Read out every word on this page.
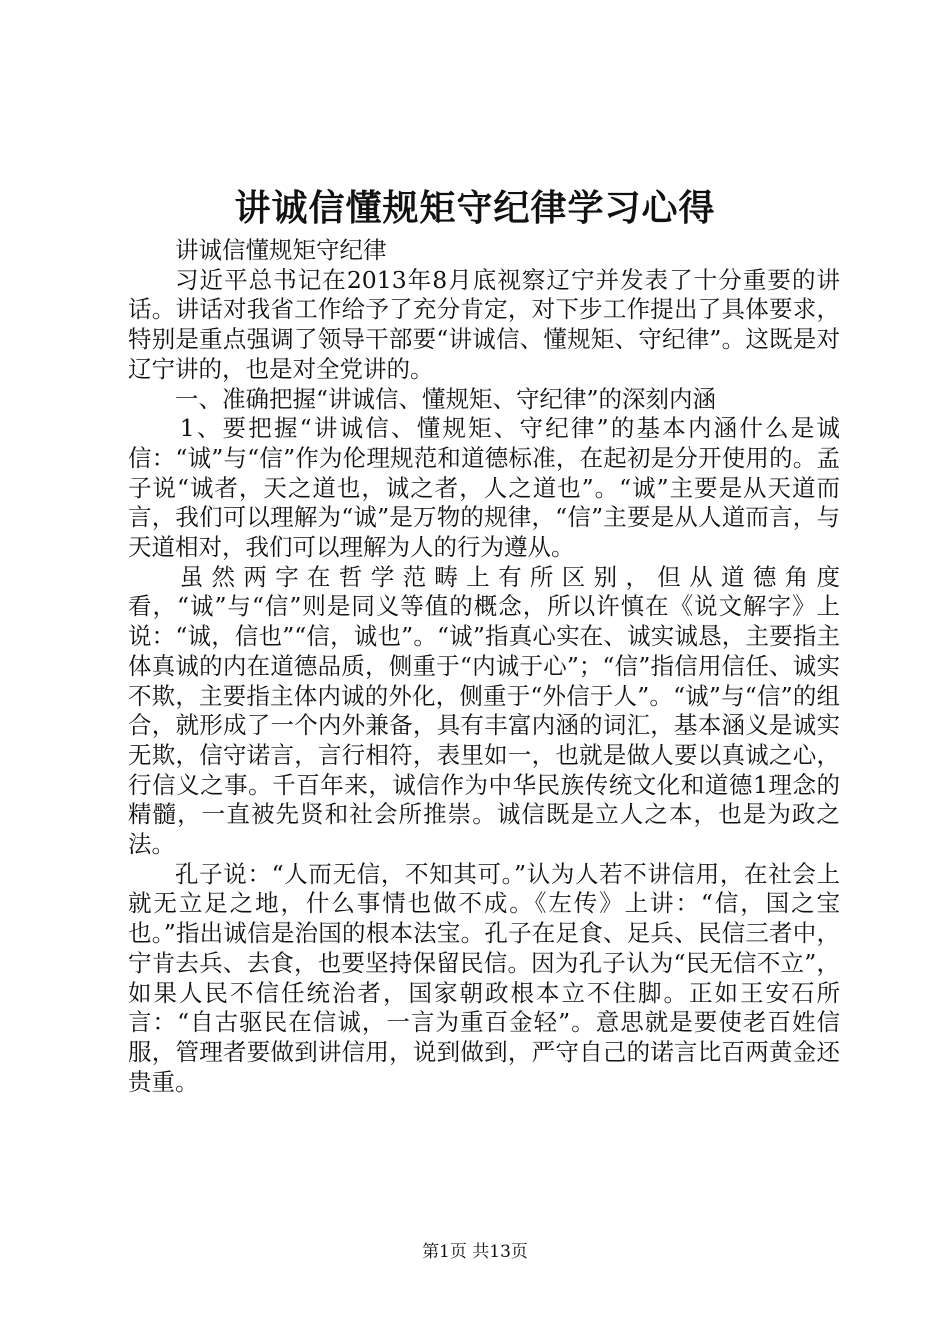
讲诚信懂规矩守纪律学习心得

讲诚信懂规矩守纪律

习近平总书记在2013年8月底视察辽宁并发表了十分重要的讲话。讲话对我省工作给予了充分肯定，对下步工作提出了具体要求，特别是重点强调了领导干部要“讲诚信、懂规矩、守纪律”。这既是对辽宁讲的，也是对全党讲的。

一、准确把握“讲诚信、懂规矩、守纪律”的深刻内涵

1、要把握“讲诚信、懂规矩、守纪律”的基本内涵什么是诚信：“诚”与“信”作为伦理规范和道德标准，在起初是分开使用的。孟子说“诚者，天之道也，诚之者，人之道也”。“诚”主要是从天道而言，我们可以理解为“诚”是万物的规律，“信”主要是从人道而言，与天道相对，我们可以理解为人的行为遵从。

虽然两字在哲学范畴上有所区别，但从道德角度看，“诚”与“信”则是同义等值的概念，所以许慎在《说文解字》上说：“诚，信也”“信，诚也”。“诚”指真心实在、诚实诚恳，主要指主体真诚的内在道德品质，侧重于“内诚于心”；“信”指信用信任、诚实不欺，主要指主体内诚的外化，侧重于“外信于人”。“诚”与“信”的组合，就形成了一个内外兼备，具有丰富内涵的词汇，基本涵义是诚实无欺，信守诺言，言行相符，表里如一，也就是做人要以真诚之心，行信义之事。千百年来，诚信作为中华民族传统文化和道德1理念的精髓，一直被先贤和社会所推崇。诚信既是立人之本，也是为政之法。

孔子说：“人而无信，不知其可。”认为人若不讲信用，在社会上就无立足之地，什么事情也做不成。《左传》上讲：“信，国之宝也。”指出诚信是治国的根本法宝。孔子在足食、足兵、民信三者中，宁肯去兵、去食，也要坚持保留民信。因为孔子认为“民无信不立”，如果人民不信任统治者，国家朝政根本立不住脚。正如王安石所言：“自古驱民在信诚，一言为重百金轻”。意思就是要使老百姓信服，管理者要做到讲信用，说到做到，严守自己的诺言比百两黄金还贵重。

第1页 共13页
